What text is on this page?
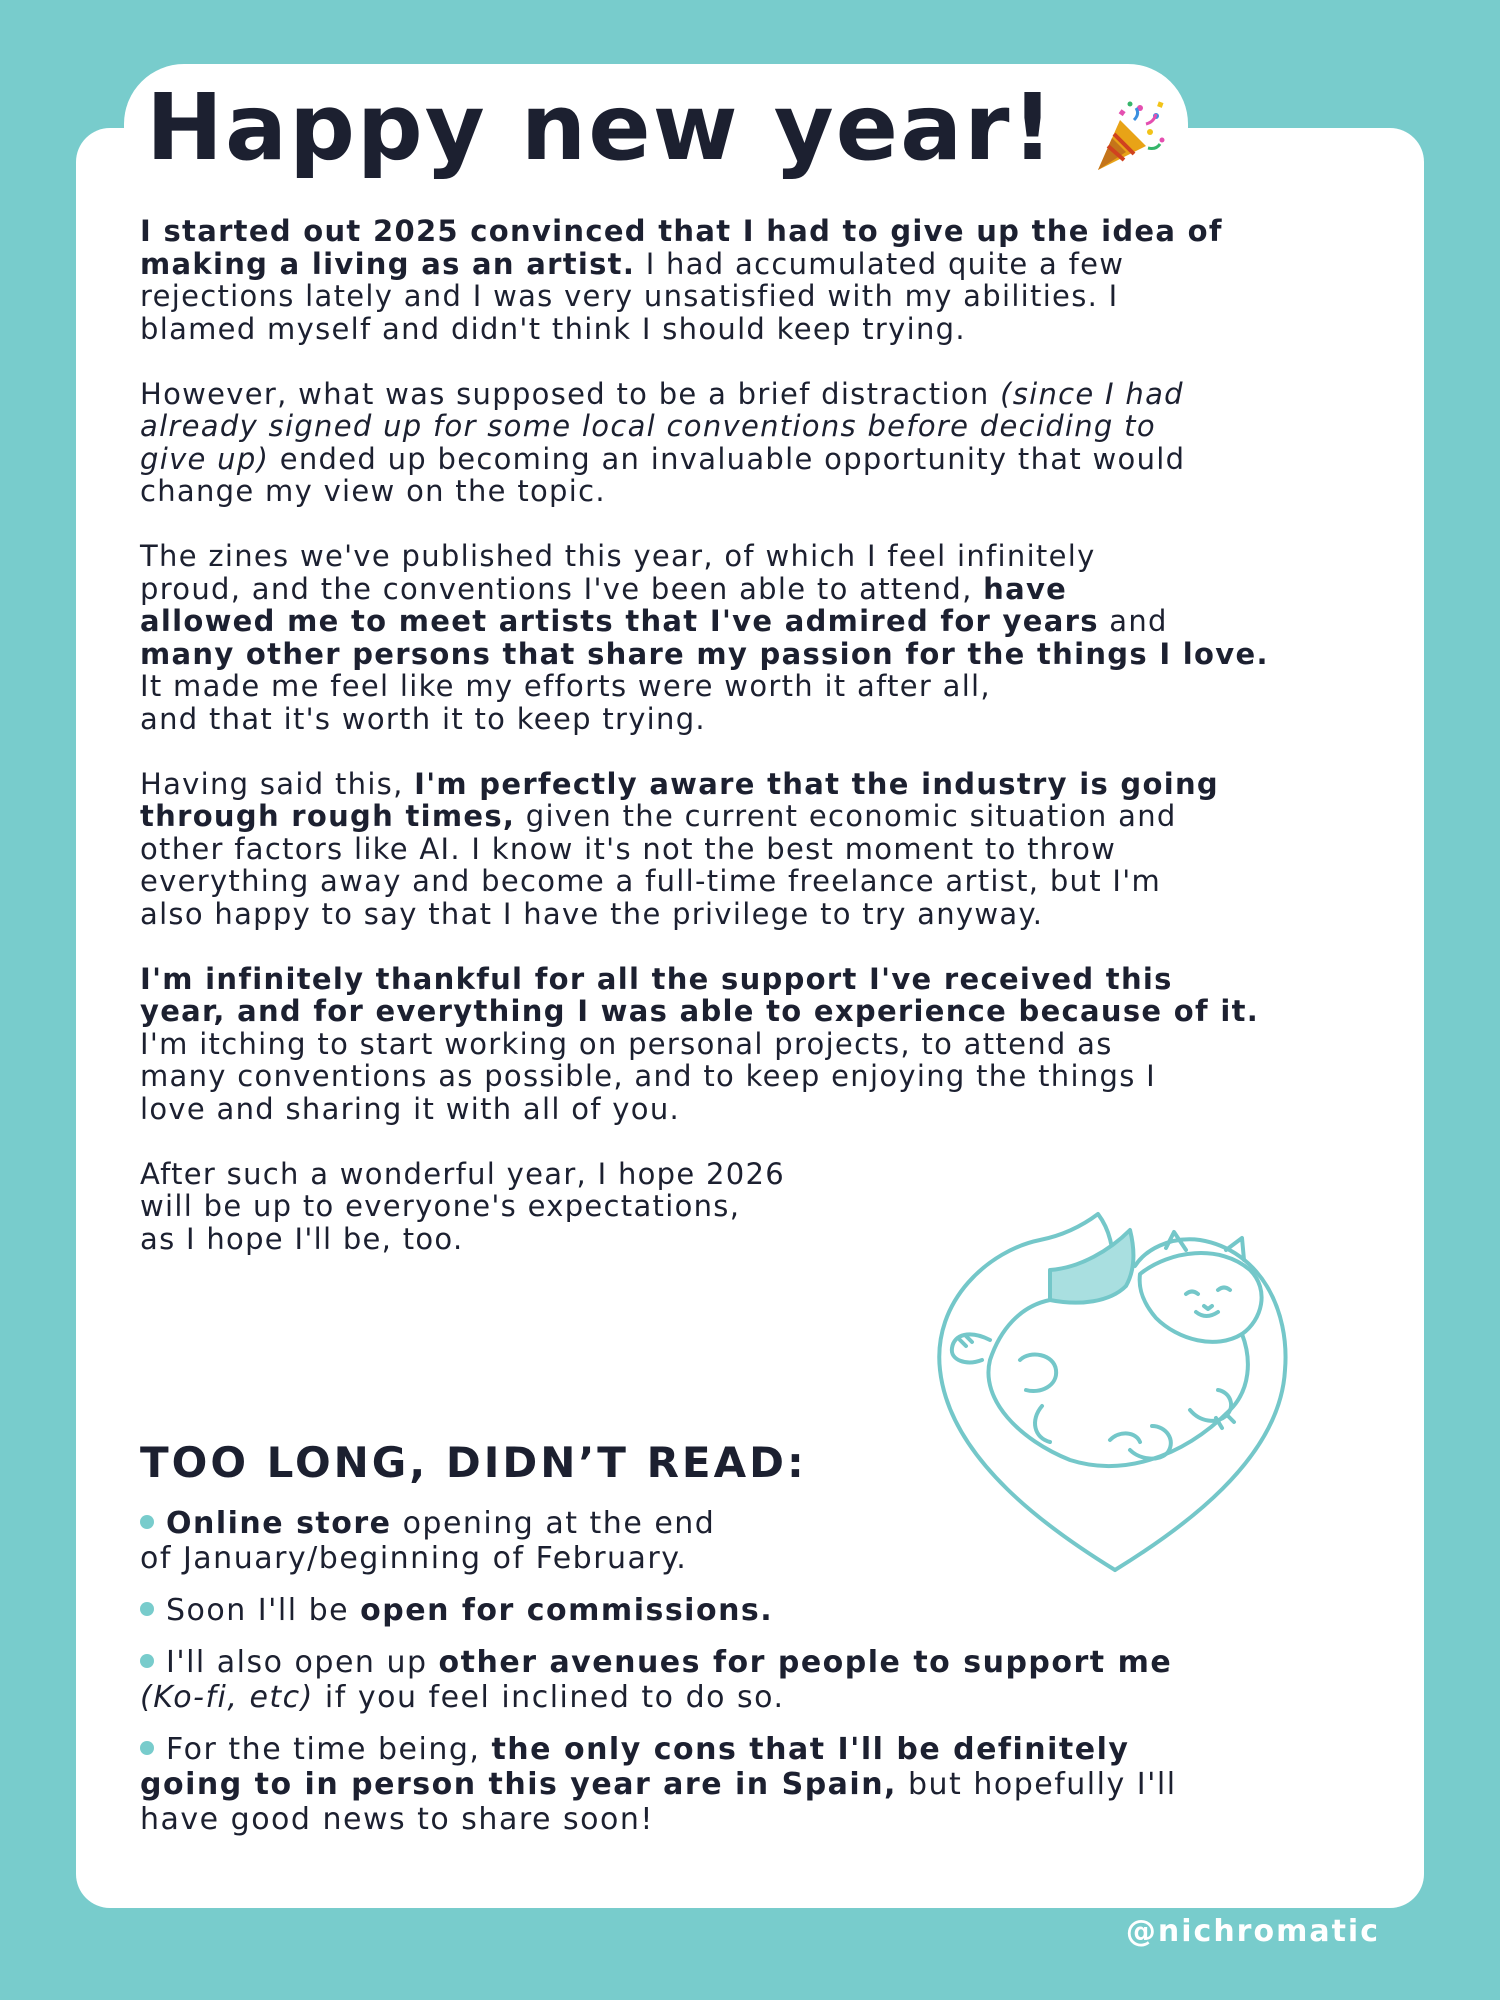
Happy new year!

I started out 2025 convinced that I had to give up the idea of
making a living as an artist. I had accumulated quite a few
rejections lately and I was very unsatisfied with my abilities. I
blamed myself and didn't think I should keep trying.

However, what was supposed to be a brief distraction (since I had
already signed up for some local conventions before deciding to
give up) ended up becoming an invaluable opportunity that would
change my view on the topic.

The zines we've published this year, of which I feel infinitely
proud, and the conventions I've been able to attend, have
allowed me to meet artists that I've admired for years and
many other persons that share my passion for the things I love.
It made me feel like my efforts were worth it after all,
and that it's worth it to keep trying.

Having said this, I'm perfectly aware that the industry is going
through rough times, given the current economic situation and
other factors like AI. I know it's not the best moment to throw
everything away and become a full-time freelance artist, but I'm
also happy to say that I have the privilege to try anyway.

I'm infinitely thankful for all the support I've received this
year, and for everything I was able to experience because of it.
I'm itching to start working on personal projects, to attend as
many conventions as possible, and to keep enjoying the things I
love and sharing it with all of you.

After such a wonderful year, I hope 2026
will be up to everyone's expectations,
as I hope I'll be, too.

TOO LONG, DIDN’T READ:
Online store opening at the end
of January/beginning of February.
Soon I'll be open for commissions.
I'll also open up other avenues for people to support me
(Ko-fi, etc) if you feel inclined to do so.
For the time being, the only cons that I'll be definitely
going to in person this year are in Spain, but hopefully I'll
have good news to share soon!
@nichromatic
